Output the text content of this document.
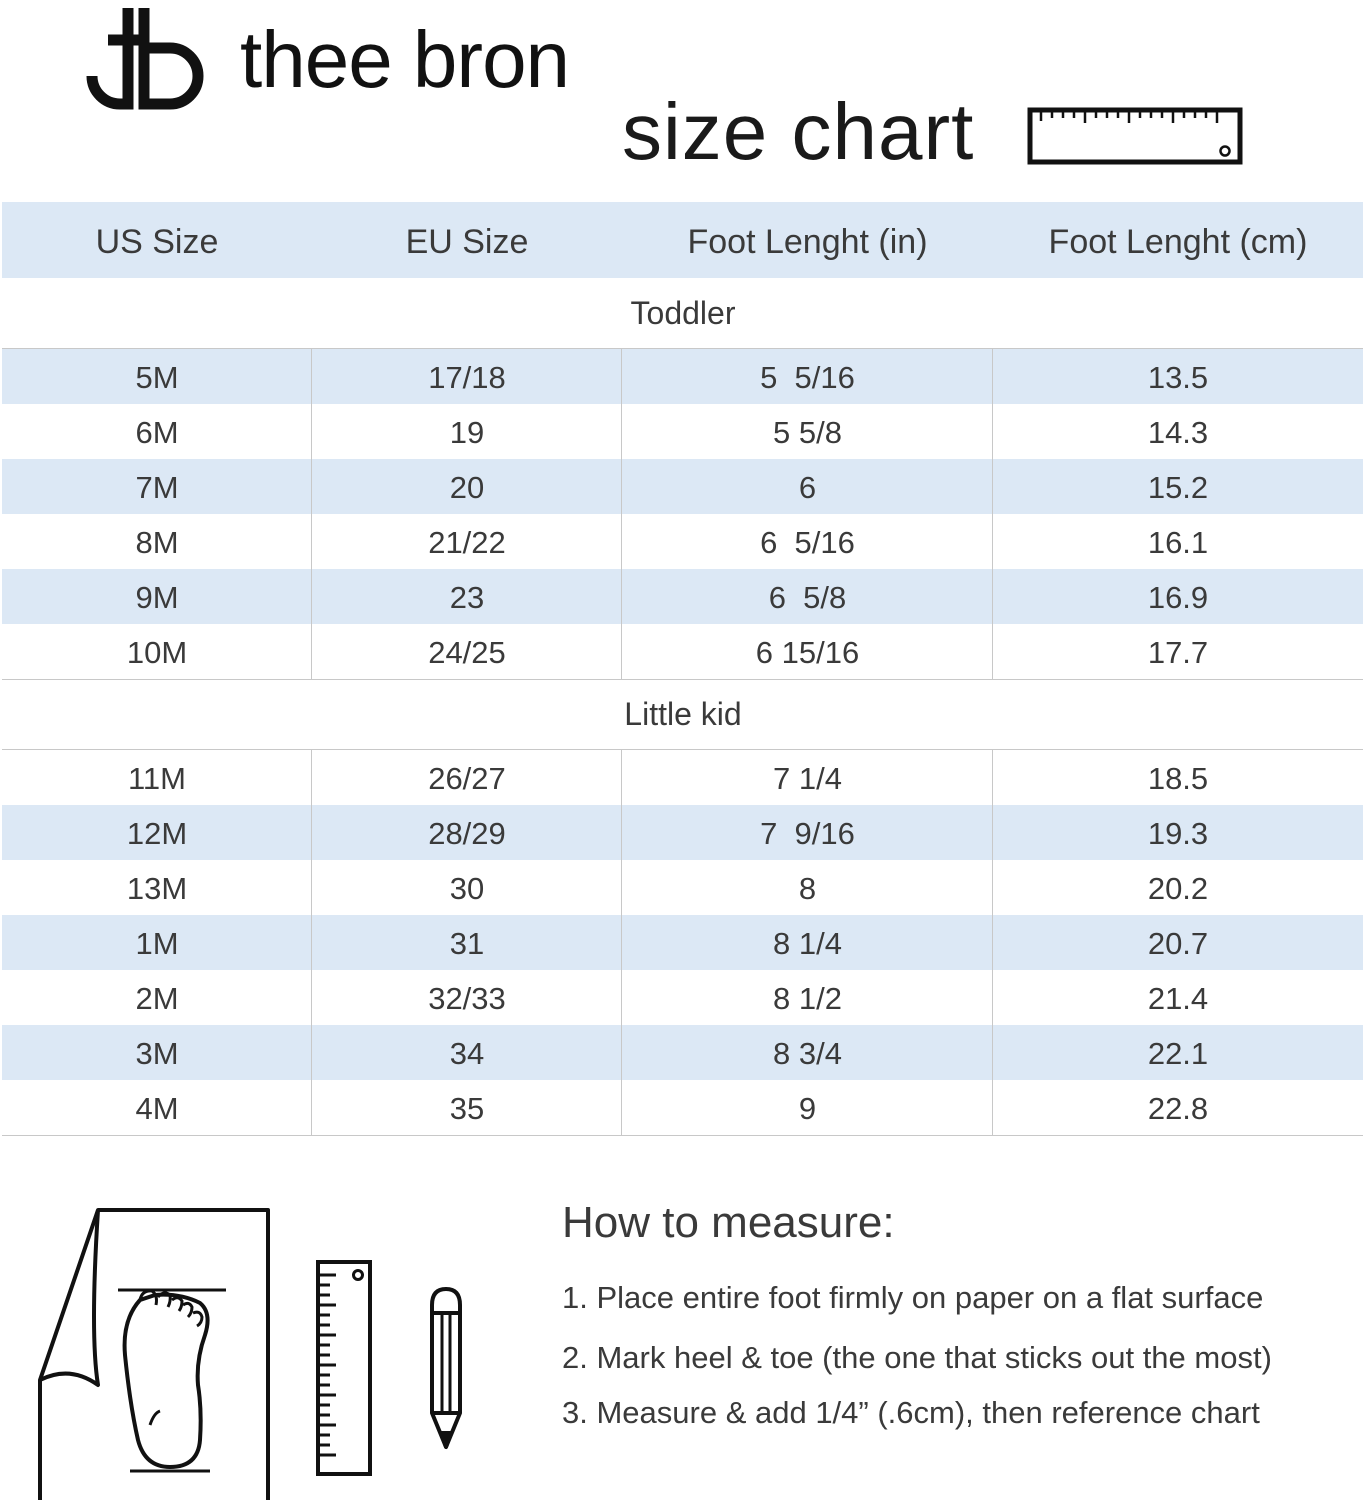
thee bron
size chart
US Size	EU Size	Foot Lenght (in)	Foot Lenght (cm)
Toddler
5M	17/18	5  5/16	13.5
6M	19	5 5/8	14.3
7M	20	6	15.2
8M	21/22	6  5/16	16.1
9M	23	6  5/8	16.9
10M	24/25	6 15/16	17.7
Little kid
11M	26/27	7 1/4	18.5
12M	28/29	7  9/16	19.3
13M	30	8	20.2
1M	31	8 1/4	20.7
2M	32/33	8 1/2	21.4
3M	34	8 3/4	22.1
4M	35	9	22.8
How to measure:
1. Place entire foot firmly on paper on a flat surface
2. Mark heel & toe (the one that sticks out the most)
3. Measure & add 1/4” (.6cm), then reference chart
